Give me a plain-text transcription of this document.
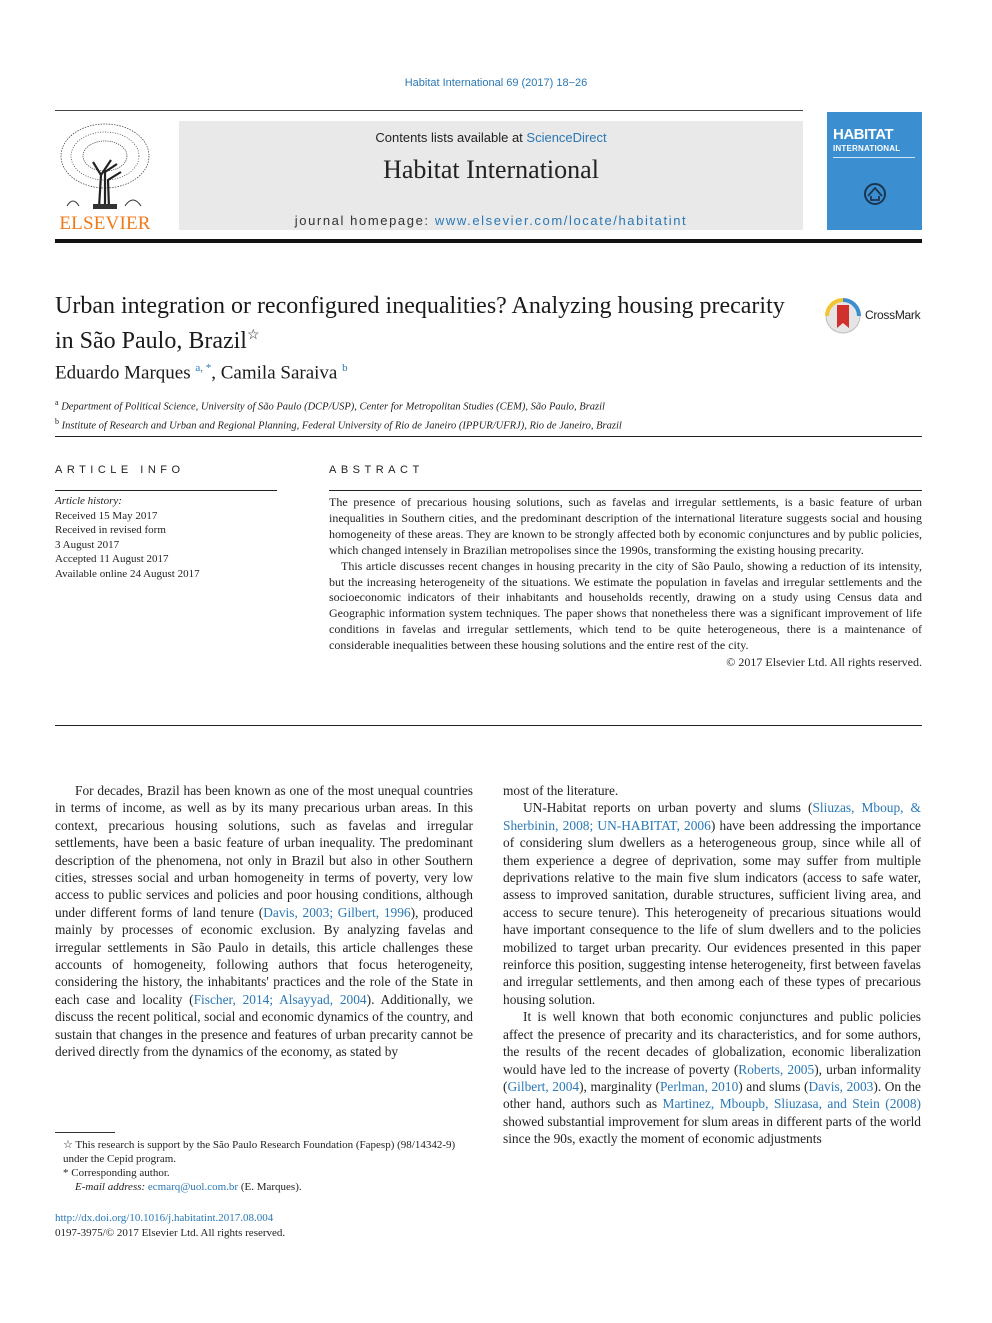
Habitat International 69 (2017) 18−26
ELSEVIER
Contents lists available at ScienceDirect
Habitat International
journal homepage: www.elsevier.com/locate/habitatint
HABITAT
INTERNATIONAL
Urban integration or reconfigured inequalities? Analyzing housing precarity in São Paulo, Brazil☆
CrossMark
Eduardo Marques $^{a, *}$, Camila Saraiva $^b$
$^a$ Department of Political Science, University of São Paulo (DCP/USP), Center for Metropolitan Studies (CEM), São Paulo, Brazil
$^b$ Institute of Research and Urban and Regional Planning, Federal University of Rio de Janeiro (IPPUR/UFRJ), Rio de Janeiro, Brazil
ARTICLE INFO
Article history:
Received 15 May 2017
Received in revised form
3 August 2017
Accepted 11 August 2017
Available online 24 August 2017
ABSTRACT

The presence of precarious housing solutions, such as favelas and irregular settlements, is a basic feature of urban inequalities in Southern cities, and the predominant description of the international literature suggests social and housing homogeneity of these areas. They are known to be strongly affected both by economic conjunctures and by public policies, which changed intensely in Brazilian metropolises since the 1990s, transforming the existing housing precarity.

This article discusses recent changes in housing precarity in the city of São Paulo, showing a reduction of its intensity, but the increasing heterogeneity of the situations. We estimate the population in favelas and irregular settlements and the socioeconomic indicators of their inhabitants and households recently, drawing on a study using Census data and Geographic information system techniques. The paper shows that nonetheless there was a significant improvement of life conditions in favelas and irregular settlements, which tend to be quite heterogeneous, there is a maintenance of considerable inequalities between these housing solutions and the entire rest of the city.

© 2017 Elsevier Ltd. All rights reserved.

For decades, Brazil has been known as one of the most unequal countries in terms of income, as well as by its many precarious urban areas. In this context, precarious housing solutions, such as favelas and irregular settlements, have been a basic feature of urban inequality. The predominant description of the phenomena, not only in Brazil but also in other Southern cities, stresses social and urban homogeneity in terms of poverty, very low access to public services and policies and poor housing conditions, although under different forms of land tenure (Davis, 2003; Gilbert, 1996), produced mainly by processes of economic exclusion. By analyzing favelas and irregular settlements in São Paulo in details, this article challenges these accounts of homogeneity, following authors that focus heterogeneity, considering the history, the inhabitants' practices and the role of the State in each case and locality (Fischer, 2014; Alsayyad, 2004). Additionally, we discuss the recent political, social and economic dynamics of the country, and sustain that changes in the presence and features of urban precarity cannot be derived directly from the dynamics of the economy, as stated by

most of the literature.

UN-Habitat reports on urban poverty and slums (Sliuzas, Mboup, & Sherbinin, 2008; UN-HABITAT, 2006) have been addressing the importance of considering slum dwellers as a heterogeneous group, since while all of them experience a degree of deprivation, some may suffer from multiple deprivations relative to the main five slum indicators (access to safe water, assess to improved sanitation, durable structures, sufficient living area, and access to secure tenure). This heterogeneity of precarious situations would have important consequence to the life of slum dwellers and to the policies mobilized to target urban precarity. Our evidences presented in this paper reinforce this position, suggesting intense heterogeneity, first between favelas and irregular settlements, and then among each of these types of precarious housing solution.

It is well known that both economic conjunctures and public policies affect the presence of precarity and its characteristics, and for some authors, the results of the recent decades of globalization, economic liberalization would have led to the increase of poverty (Roberts, 2005), urban informality (Gilbert, 2004), marginality (Perlman, 2010) and slums (Davis, 2003). On the other hand, authors such as Martinez, Mboupb, Sliuzasa, and Stein (2008) showed substantial improvement for slum areas in different parts of the world since the 90s, exactly the moment of economic adjustments

☆ This research is support by the São Paulo Research Foundation (Fapesp) (98/14342-9) under the Cepid program.

* Corresponding author.

E-mail address: ecmarq@uol.com.br (E. Marques).

http://dx.doi.org/10.1016/j.habitatint.2017.08.004
0197-3975/© 2017 Elsevier Ltd. All rights reserved.
